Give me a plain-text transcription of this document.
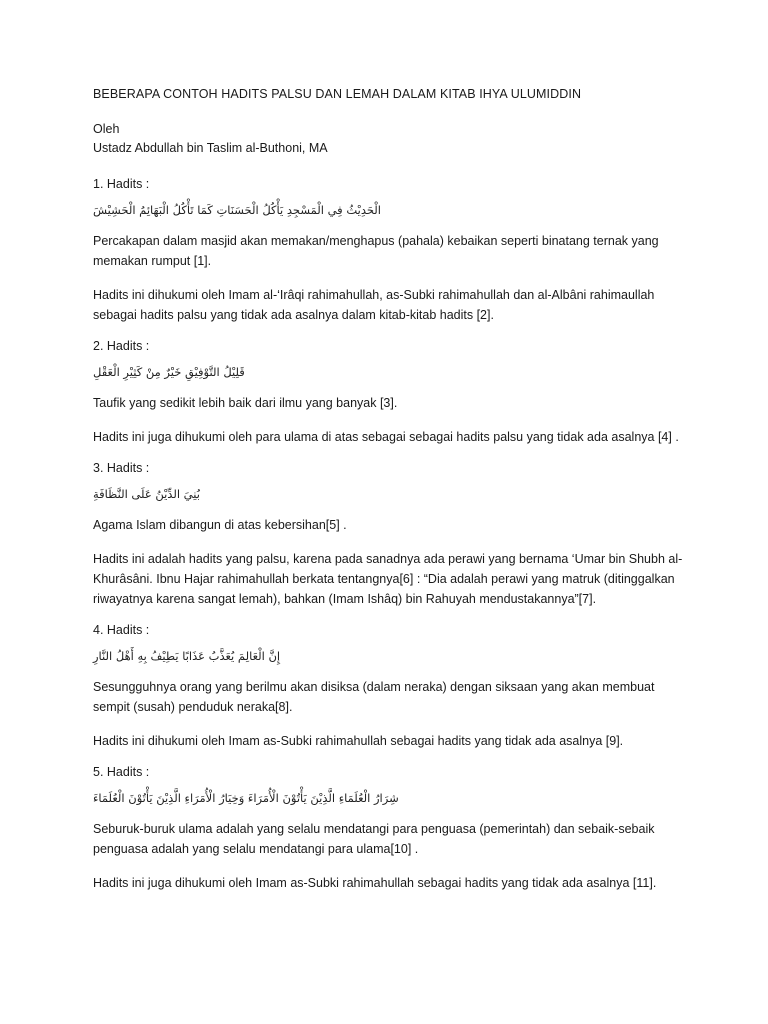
BEBERAPA CONTOH HADITS PALSU DAN LEMAH DALAM KITAB IHYA ULUMIDDIN
Oleh
Ustadz Abdullah bin Taslim al-Buthoni, MA
1. Hadits :
الْحَدِيْثُ فِي الْمَسْجِدِ يَأْكُلُ الْحَسَنَاتِ كَمَا تَأْكُلُ الْبَهَائِمُ الْحَشِيْشَ
Percakapan dalam masjid akan memakan/menghapus (pahala) kebaikan seperti binatang ternak yang memakan rumput [1].
Hadits ini dihukumi oleh Imam al-‘Irâqi rahimahullah, as-Subki rahimahullah dan al-Albâni rahimaullah sebagai hadits palsu yang tidak ada asalnya dalam kitab-kitab hadits [2].
2. Hadits :
قَلِيْلُ التَّوْفِيْقِ خَيْرٌ مِنْ كَثِيْرِ الْعَقْلِ
Taufik yang sedikit lebih baik dari ilmu yang banyak [3].
Hadits ini juga dihukumi oleh para ulama di atas sebagai sebagai hadits palsu yang tidak ada asalnya [4] .
3. Hadits :
بُنِيَ الدِّيْنُ عَلَى النَّظَافَةِ
Agama Islam dibangun di atas kebersihan[5] .
Hadits ini adalah hadits yang palsu, karena pada sanadnya ada perawi yang bernama ‘Umar bin Shubh al-Khurâsâni. Ibnu Hajar rahimahullah berkata tentangnya[6] : “Dia adalah perawi yang matruk (ditinggalkan riwayatnya karena sangat lemah), bahkan (Imam Ishâq) bin Rahuyah mendustakannya”[7].
4. Hadits :
إِنَّ الْعَالِمَ يُعَذَّبُ عَذَابًا يَطِيْفُ بِهِ أَهْلُ النَّارِ
Sesungguhnya orang yang berilmu akan disiksa (dalam neraka) dengan siksaan yang akan membuat sempit (susah) penduduk neraka[8].
Hadits ini dihukumi oleh Imam as-Subki rahimahullah sebagai hadits yang tidak ada asalnya [9].
5. Hadits :
شِرَارُ الْعُلَمَاءِ الَّذِيْنَ يَأْتُوْنَ الْأُمَرَاءَ وَخِيَارُ الْأُمَرَاءِ الَّذِيْنَ يَأْتُوْنَ الْعُلَمَاءَ
Seburuk-buruk ulama adalah yang selalu mendatangi para penguasa (pemerintah) dan sebaik-sebaik penguasa adalah yang selalu mendatangi para ulama[10] .
Hadits ini juga dihukumi oleh Imam as-Subki rahimahullah sebagai hadits yang tidak ada asalnya [11].
